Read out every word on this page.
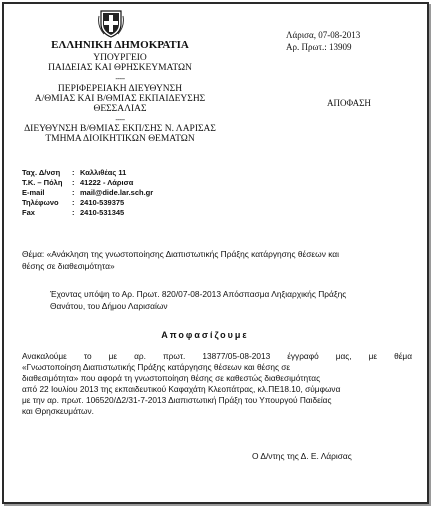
ΕΛΛΗΝΙΚΗ ΔΗΜΟΚΡΑΤΙΑ
ΥΠΟΥΡΓΕΙΟ
ΠΑΙΔΕΙΑΣ ΚΑΙ ΘΡΗΣΚΕΥΜΑΤΩΝ
-----
ΠΕΡΙΦΕΡΕΙΑΚΗ ΔΙΕΥΘΥΝΣΗ
Α/ΘΜΙΑΣ ΚΑΙ Β/ΘΜΙΑΣ ΕΚΠΑΙΔΕΥΣΗΣ
ΘΕΣΣΑΛΙΑΣ
-----
ΔΙΕΥΘΥΝΣΗ Β/ΘΜΙΑΣ ΕΚΠ/ΣΗΣ Ν. ΛΑΡΙΣΑΣ
ΤΜΗΜΑ ΔΙΟΙΚΗΤΙΚΩΝ ΘΕΜΑΤΩΝ
Λάρισα, 07-08-2013
Αρ. Πρωτ.: 13909
ΑΠΟΦΑΣΗ
Ταχ. Δ/νση : Καλλιθέας 11
Τ.Κ. – Πόλη : 41222 - Λάρισα
E-mail	: mail@dide.lar.sch.gr
Τηλέφωνο : 2410-539375
Fax	: 2410-531345
Θέμα: «Ανάκληση της γνωστοποίησης Διαπιστωτικής Πράξης κατάργησης θέσεων και
θέσης σε διαθεσιμότητα»
Έχοντας υπόψη το Αρ. Πρωτ. 820/07-08-2013 Απόσπασμα Ληξιαρχικής Πράξης
Θανάτου, του Δήμου Λαρισαίων
Αποφασίζουμε
Ανακαλούμε το με αρ. πρωτ. 13877/05-08-2013 έγγραφό μας, με θέμα
«Γνωστοποίηση Διαπιστωτικής Πράξης κατάργησης θέσεων και θέσης σε
διαθεσιμότητα» που αφορά τη γνωστοποίηση θέσης σε καθεστώς διαθεσιμότητας
από 22 Ιουλίου 2013 της εκπαιδευτικού Καφαχάτη Κλεοπάτρας, κλ.ΠΕ18.10, σύμφωνα
με την αρ. πρωτ. 106520/Δ2/31-7-2013 Διαπιστωτική Πράξη του Υπουργού Παιδείας
και Θρησκευμάτων.
Ο Δ/ντης της Δ. Ε. Λάρισας
